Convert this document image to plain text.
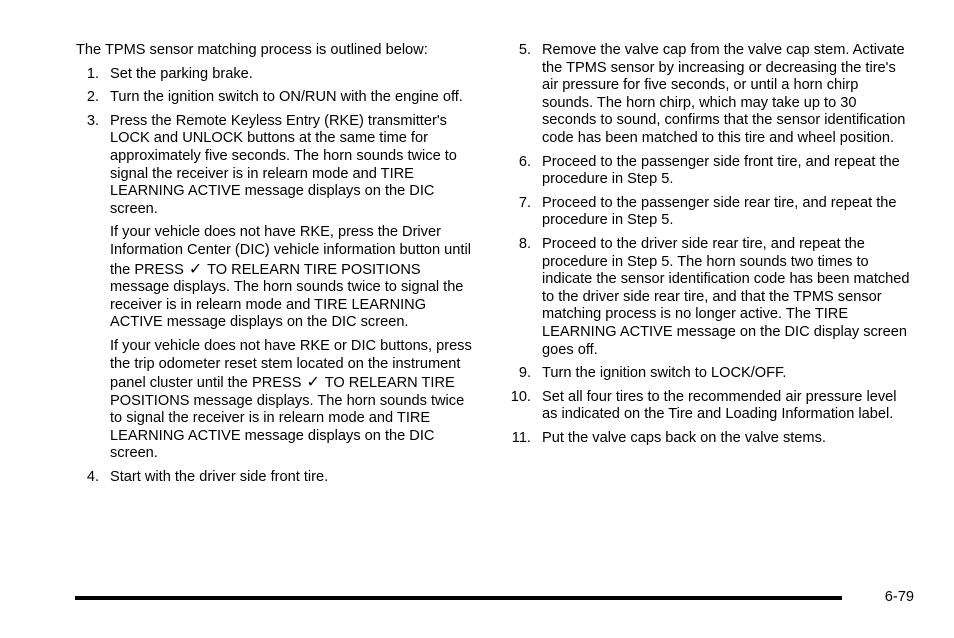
The TPMS sensor matching process is outlined below:

1. Set the parking brake.

2. Turn the ignition switch to ON/RUN with the engine off.

3. Press the Remote Keyless Entry (RKE) transmitter's LOCK and UNLOCK buttons at the same time for approximately five seconds. The horn sounds twice to signal the receiver is in relearn mode and TIRE LEARNING ACTIVE message displays on the DIC screen.

If your vehicle does not have RKE, press the Driver Information Center (DIC) vehicle information button until the PRESS ✓ TO RELEARN TIRE POSITIONS message displays. The horn sounds twice to signal the receiver is in relearn mode and TIRE LEARNING ACTIVE message displays on the DIC screen.

If your vehicle does not have RKE or DIC buttons, press the trip odometer reset stem located on the instrument panel cluster until the PRESS ✓ TO RELEARN TIRE POSITIONS message displays. The horn sounds twice to signal the receiver is in relearn mode and TIRE LEARNING ACTIVE message displays on the DIC screen.

4. Start with the driver side front tire.

5. Remove the valve cap from the valve cap stem. Activate the TPMS sensor by increasing or decreasing the tire's air pressure for five seconds, or until a horn chirp sounds. The horn chirp, which may take up to 30 seconds to sound, confirms that the sensor identification code has been matched to this tire and wheel position.

6. Proceed to the passenger side front tire, and repeat the procedure in Step 5.

7. Proceed to the passenger side rear tire, and repeat the procedure in Step 5.

8. Proceed to the driver side rear tire, and repeat the procedure in Step 5. The horn sounds two times to indicate the sensor identification code has been matched to the driver side rear tire, and that the TPMS sensor matching process is no longer active. The TIRE LEARNING ACTIVE message on the DIC display screen goes off.

9. Turn the ignition switch to LOCK/OFF.

10. Set all four tires to the recommended air pressure level as indicated on the Tire and Loading Information label.

11. Put the valve caps back on the valve stems.

6-79
